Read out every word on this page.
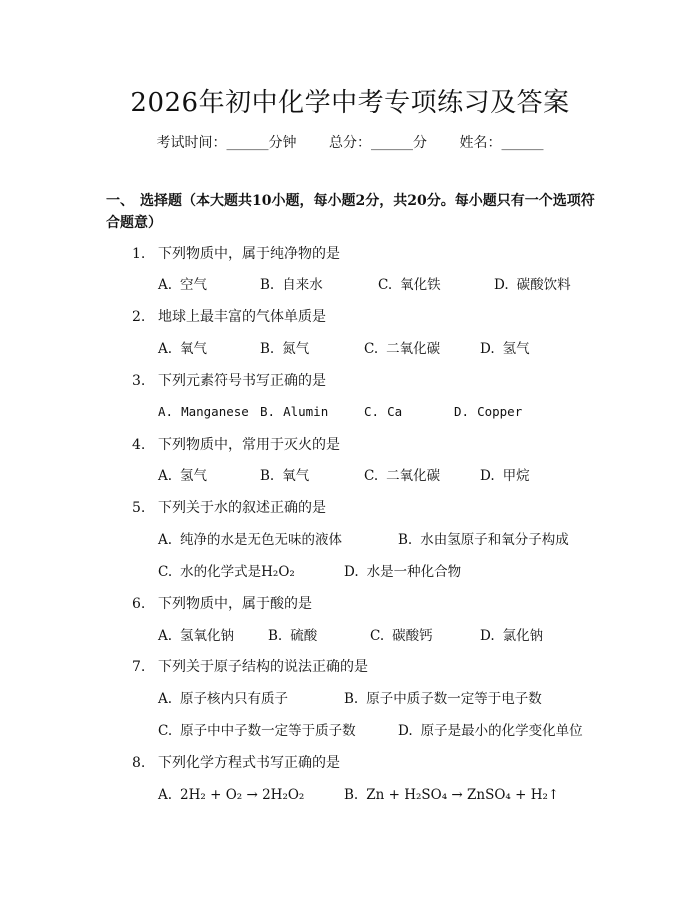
2026年初中化学中考专项练习及答案
考试时间：______分钟 总分：______分 姓名：______
一、 选择题（本大题共10小题，每小题2分，共20分。每小题只有一个选项符合题意）
1. 下列物质中，属于纯净物的是
A. 空气	B. 自来水	C. 氧化铁	D. 碳酸饮料
2. 地球上最丰富的气体单质是
A. 氧气	B. 氮气	C. 二氧化碳	D. 氢气
3. 下列元素符号书写正确的是
A. Manganese B. Alumin	C. Ca	D. Copper
4. 下列物质中，常用于灭火的是
A. 氢气	B. 氧气	C. 二氧化碳	D. 甲烷
5. 下列关于水的叙述正确的是
A. 纯净的水是无色无味的液体	B. 水由氢原子和氧分子构成
C. 水的化学式是H₂O₂	D. 水是一种化合物
6. 下列物质中，属于酸的是
A. 氢氧化钠	B. 硫酸	C. 碳酸钙	D. 氯化钠
7. 下列关于原子结构的说法正确的是
A. 原子核内只有质子	B. 原子中质子数一定等于电子数
C. 原子中中子数一定等于质子数	D. 原子是最小的化学变化单位
8. 下列化学方程式书写正确的是
A. 2H₂ + O₂ → 2H₂O₂	B. Zn + H₂SO₄ → ZnSO₄ + H₂↑
